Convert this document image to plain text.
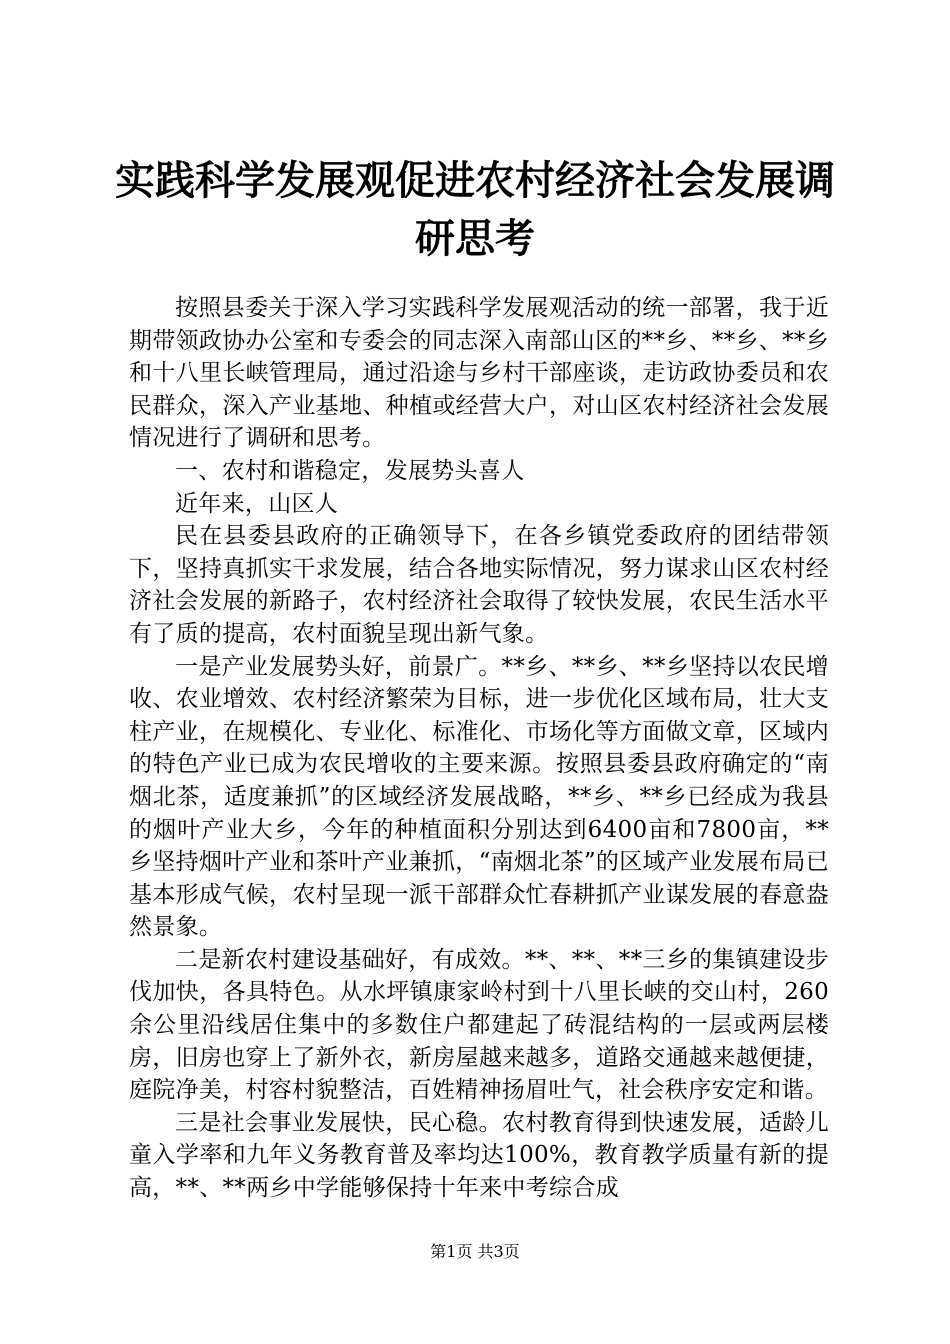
实践科学发展观促进农村经济社会发展调研思考

按照县委关于深入学习实践科学发展观活动的统一部署，我于近期带领政协办公室和专委会的同志深入南部山区的**乡、**乡、**乡和十八里长峡管理局，通过沿途与乡村干部座谈，走访政协委员和农民群众，深入产业基地、种植或经营大户，对山区农村经济社会发展情况进行了调研和思考。

一、农村和谐稳定，发展势头喜人

近年来，山区人

民在县委县政府的正确领导下，在各乡镇党委政府的团结带领下，坚持真抓实干求发展，结合各地实际情况，努力谋求山区农村经济社会发展的新路子，农村经济社会取得了较快发展，农民生活水平有了质的提高，农村面貌呈现出新气象。

一是产业发展势头好，前景广。**乡、**乡、**乡坚持以农民增收、农业增效、农村经济繁荣为目标，进一步优化区域布局，壮大支柱产业，在规模化、专业化、标准化、市场化等方面做文章，区域内的特色产业已成为农民增收的主要来源。按照县委县政府确定的“南烟北茶，适度兼抓”的区域经济发展战略，**乡、**乡已经成为我县的烟叶产业大乡，今年的种植面积分别达到6400亩和7800亩，**乡坚持烟叶产业和茶叶产业兼抓，“南烟北茶”的区域产业发展布局已基本形成气候，农村呈现一派干部群众忙春耕抓产业谋发展的春意盎然景象。

二是新农村建设基础好，有成效。**、**、**三乡的集镇建设步伐加快，各具特色。从水坪镇康家岭村到十八里长峡的交山村，260余公里沿线居住集中的多数住户都建起了砖混结构的一层或两层楼房，旧房也穿上了新外衣，新房屋越来越多，道路交通越来越便捷，庭院净美，村容村貌整洁，百姓精神扬眉吐气，社会秩序安定和谐。

三是社会事业发展快，民心稳。农村教育得到快速发展，适龄儿童入学率和九年义务教育普及率均达100%，教育教学质量有新的提高，**、**两乡中学能够保持十年来中考综合成

第1页 共3页
